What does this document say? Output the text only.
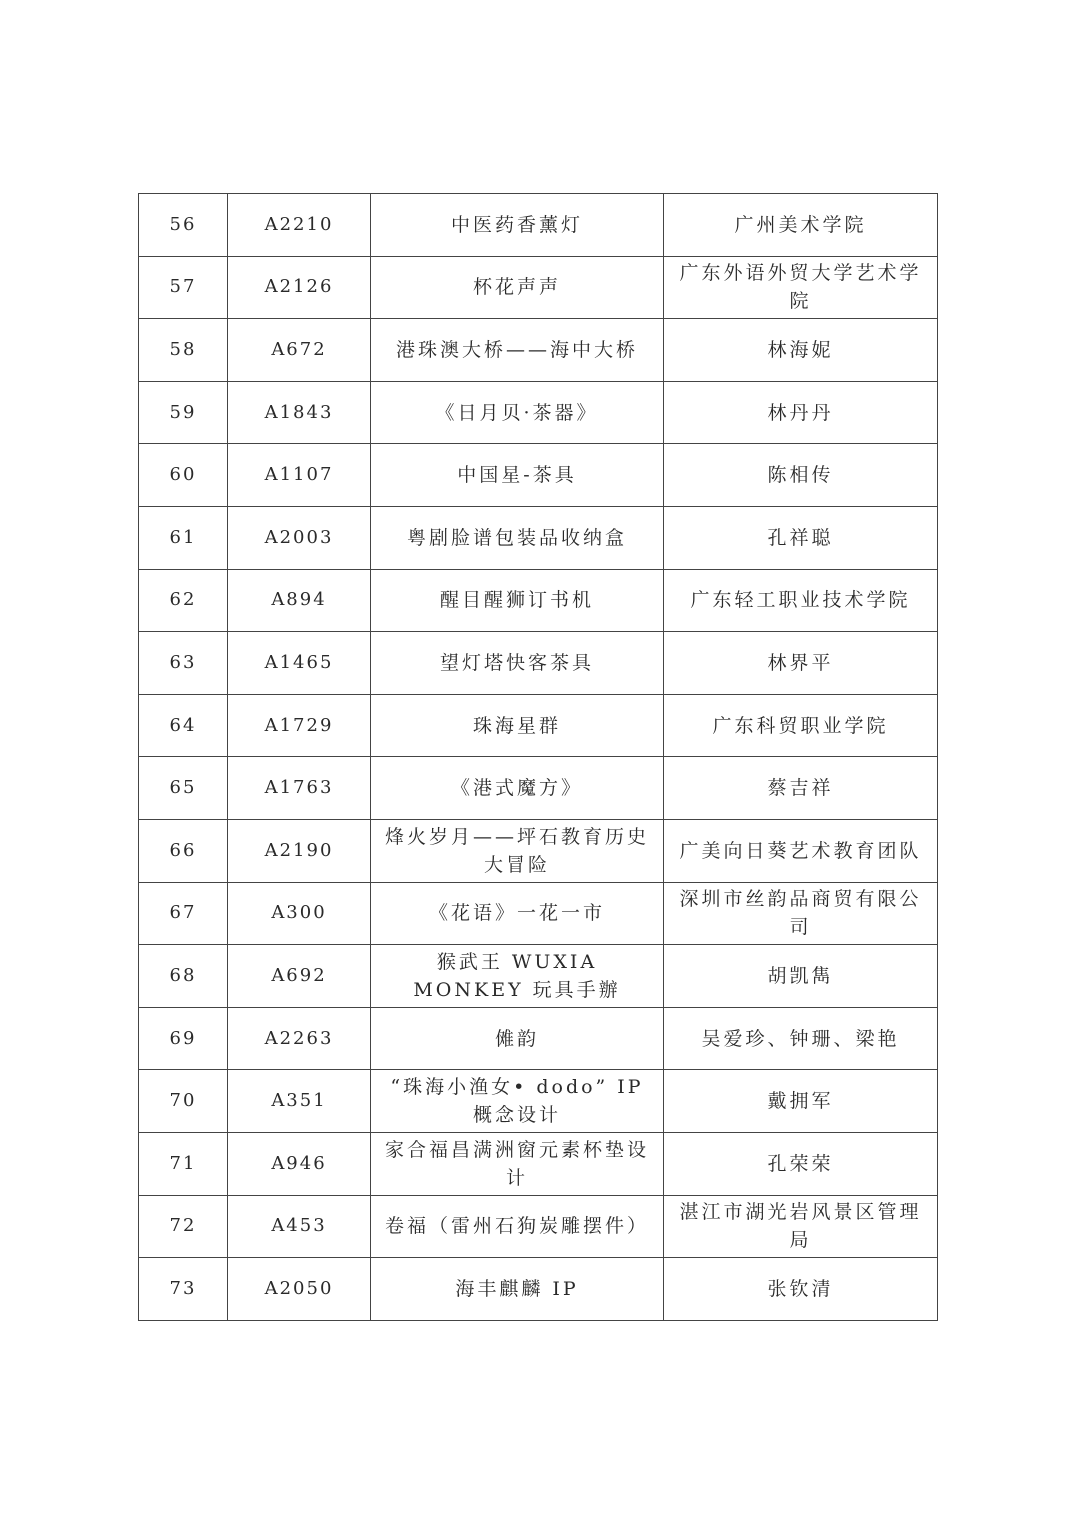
56	A2210	中医药香薰灯	广州美术学院
57	A2126	杯花声声	广东外语外贸大学艺术学院
58	A672	港珠澳大桥——海中大桥	林海妮
59	A1843	《日月贝·茶器》	林丹丹
60	A1107	中国星-茶具	陈相传
61	A2003	粤剧脸谱包装品收纳盒	孔祥聪
62	A894	醒目醒狮订书机	广东轻工职业技术学院
63	A1465	望灯塔快客茶具	林界平
64	A1729	珠海星群	广东科贸职业学院
65	A1763	《港式魔方》	蔡吉祥
66	A2190	烽火岁月——坪石教育历史大冒险	广美向日葵艺术教育团队
67	A300	《花语》一花一市	深圳市丝韵品商贸有限公司
68	A692	猴武王 WUXIA MONKEY 玩具手辦	胡凯雋
69	A2263	傩韵	吴爱珍、钟珊、梁艳
70	A351	“珠海小渔女• dodo” IP 概念设计	戴拥军
71	A946	家合福昌满洲窗元素杯垫设计	孔荣荣
72	A453	卷福（雷州石狗炭雕摆件）	湛江市湖光岩风景区管理局
73	A2050	海丰麒麟 IP	张钦清
